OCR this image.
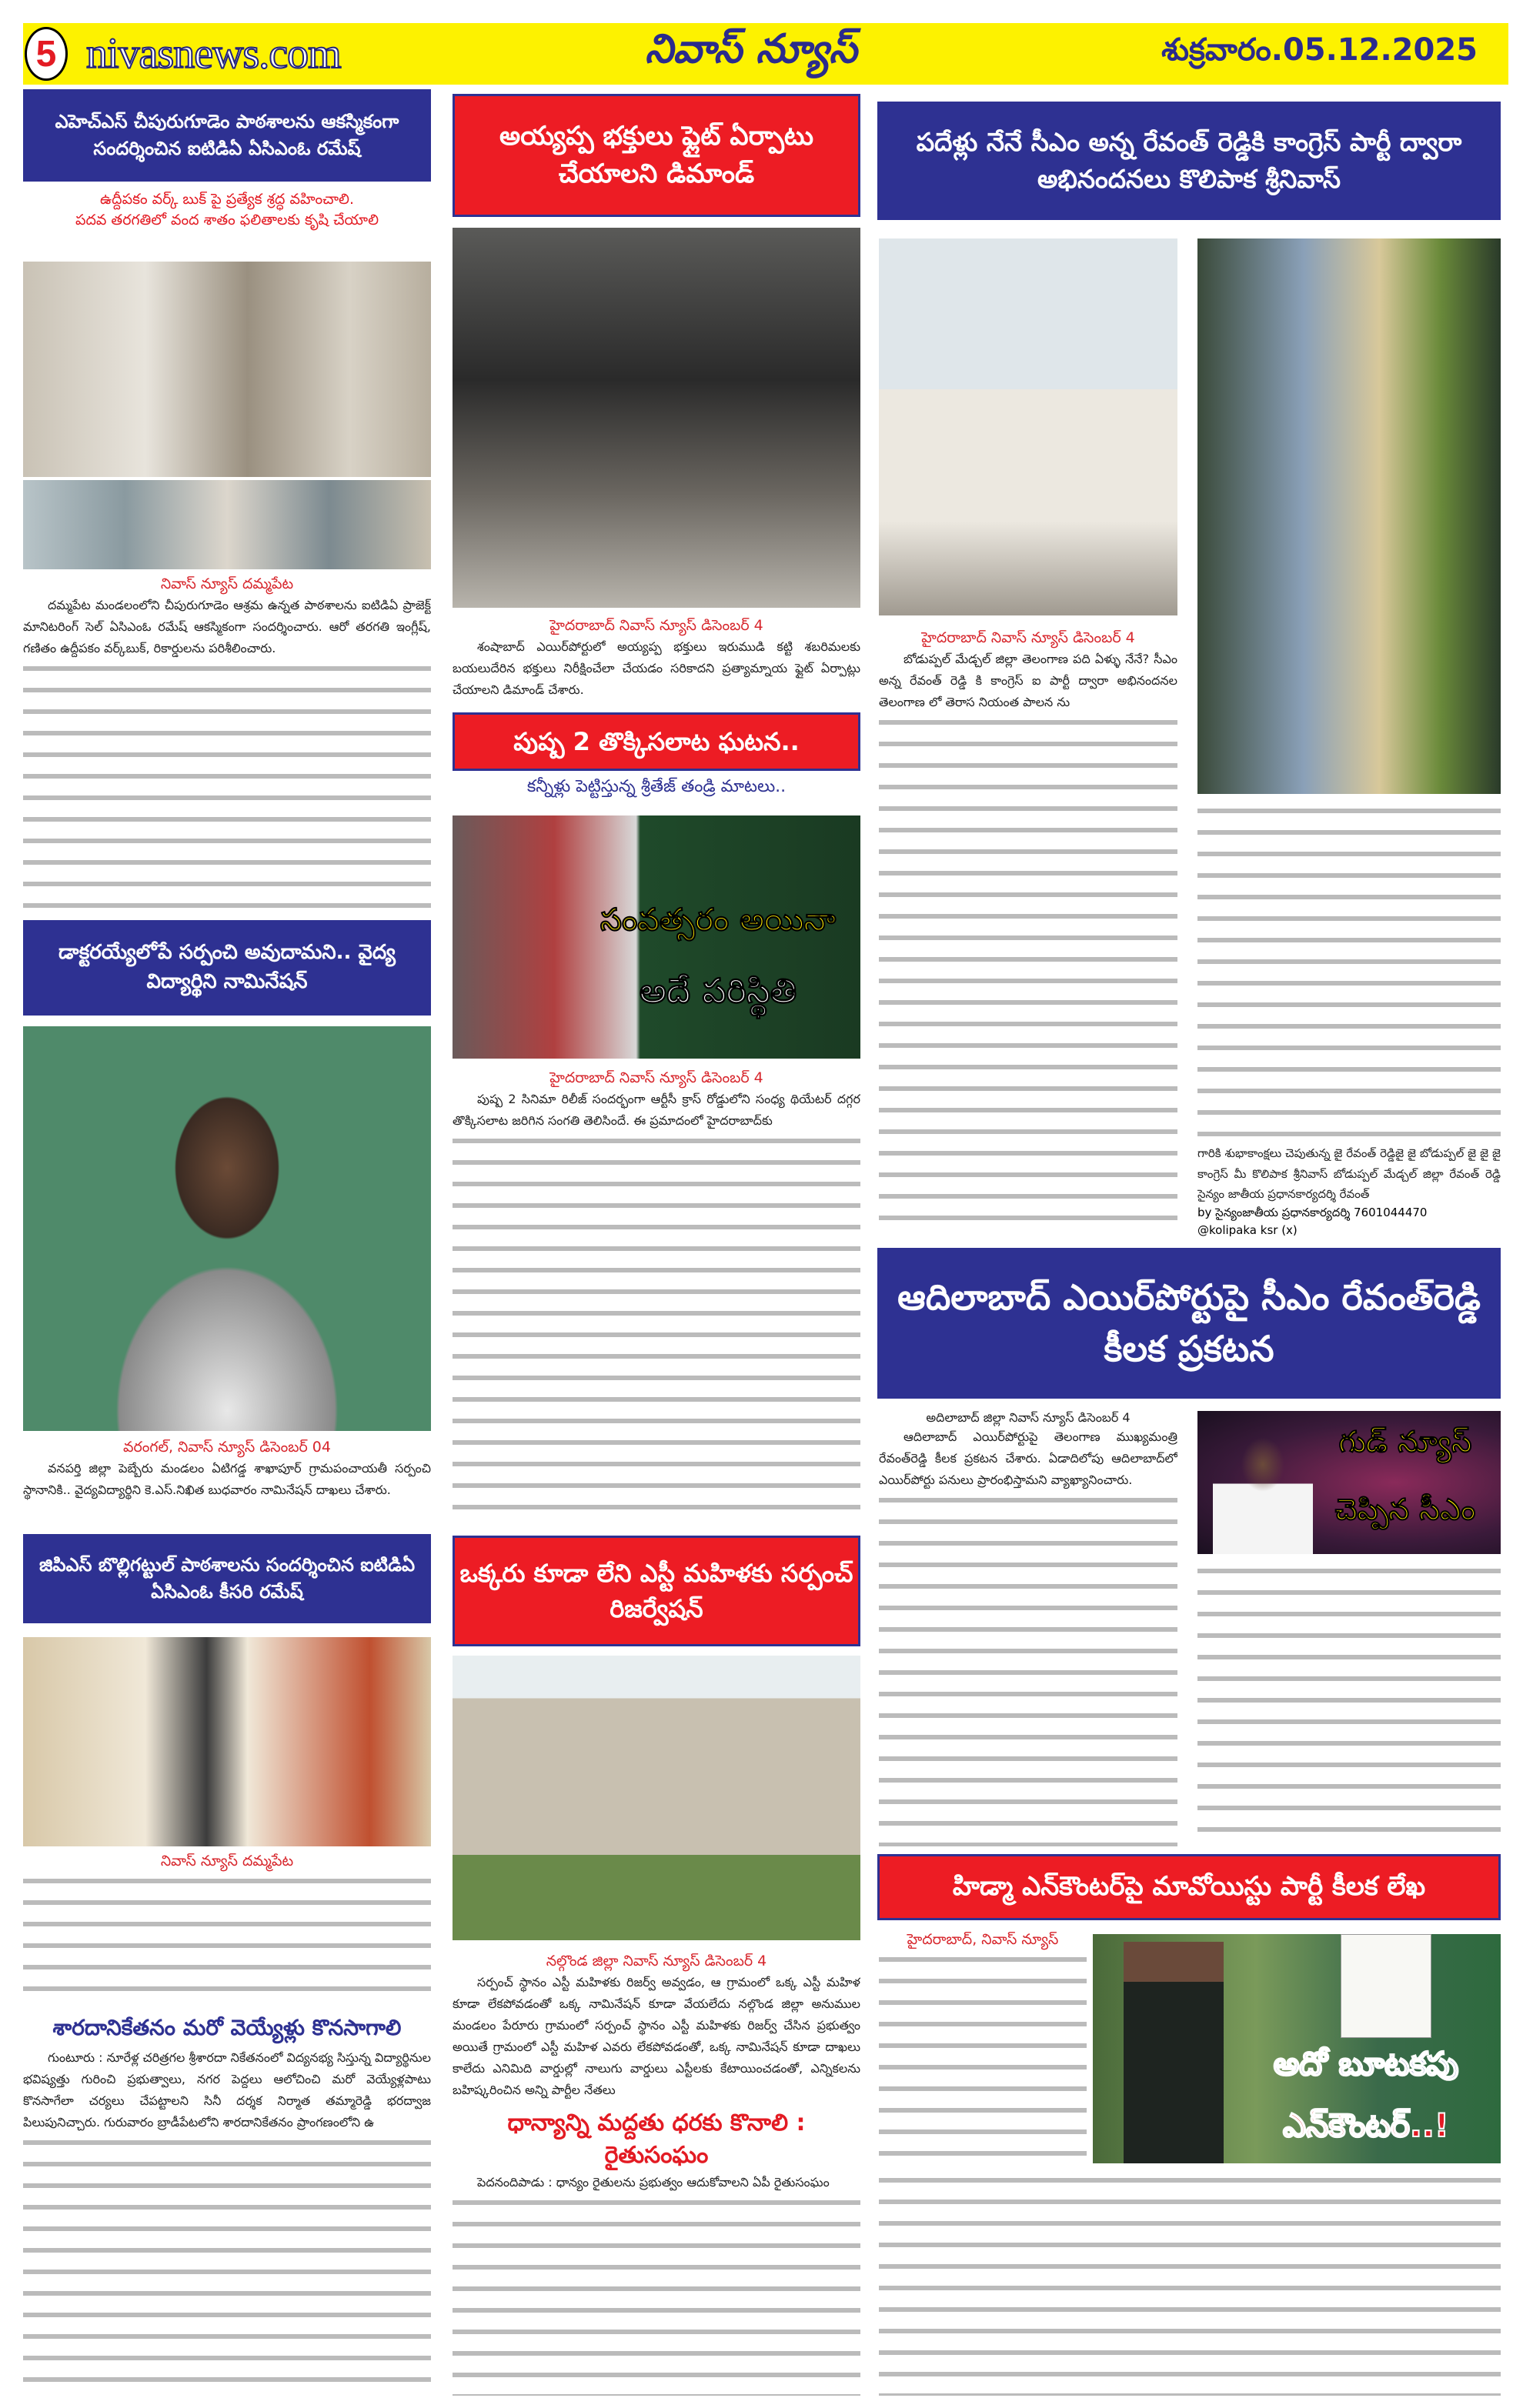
5 nivasnews.com	నివాస్ న్యూస్	శుక్రవారం.05.12.2025
ఎహెచ్ఎస్ చీపురుగూడెం పాఠశాలను ఆకస్మికంగా సందర్శించిన ఐటిడిఏ ఏసిఎంఓ రమేష్
ఉద్దీపకం వర్క్ బుక్ పై ప్రత్యేక శ్రద్ధ వహించాలి.
పదవ తరగతిలో వంద శాతం ఫలితాలకు కృషి చేయాలి
నివాస్ న్యూస్ దమ్మపేట
దమ్మపేట మండలంలోని చీపురుగూడెం ఆశ్రమ ఉన్నత పాఠశాలను ఐటిడిఏ ప్రాజెక్ట్ మానిటరింగ్ సెల్ ఏసిఎంఓ రమేష్ ఆకస్మికంగా సందర్శించారు. ఆరో తరగతి ఇంగ్లీష్, గణితం ఉద్దీపకం వర్క్‌బుక్, రికార్డులను పరిశీలించారు.
డాక్టరయ్యేలోపే సర్పంచి అవుదామని.. వైద్య విద్యార్థిని నామినేషన్
వరంగల్, నివాస్ న్యూస్ డిసెంబర్ 04
వనపర్తి జిల్లా పెబ్బేరు మండలం ఏటిగడ్డ శాఖాపూర్ గ్రామపంచాయతీ సర్పంచి స్థానానికి.. వైద్యవిద్యార్థిని కె.ఎస్.నిఖిత బుధవారం నామినేషన్ దాఖలు చేశారు.
జిపిఎస్ బొల్లిగట్టుల్ పాఠశాలను సందర్శించిన ఐటిడిఏ ఏసిఎంఓ కీసరి రమేష్
నివాస్ న్యూస్ దమ్మపేట
శారదానికేతనం మరో వెయ్యేళ్లు కొనసాగాలి
గుంటూరు : నూరేళ్ల చరిత్రగల శ్రీశారదా నికేతనంలో విద్యనభ్య సిస్తున్న విద్యార్థినుల భవిష్యత్తు గురించి ప్రభుత్వాలు, నగర పెద్దలు ఆలోచించి మరో వెయ్యేళ్లపాటు కొనసాగేలా చర్యలు చేపట్టాలని సినీ దర్శక నిర్మాత తమ్మారెడ్డి భరద్వాజ పిలుపునిచ్చారు. గురువారం బ్రాడీపేటలోని శారదానికేతనం ప్రాంగణంలోని ఉ
అయ్యప్ప భక్తులు ఫ్లైట్ ఏర్పాటు చేయాలని డిమాండ్
హైదరాబాద్ నివాస్ న్యూస్ డిసెంబర్ 4
శంషాబాద్ ఎయిర్‌పోర్టులో అయ్యప్ప భక్తులు ఇరుముడి కట్టి శబరిమలకు బయలుదేరిన భక్తులు నిరీక్షించేలా చేయడం సరికాదని ప్రత్యామ్నాయ ఫ్లైట్ ఏర్పాట్లు చేయాలని డిమాండ్ చేశారు.
పుష్ప 2 తొక్కిసలాట ఘటన..
కన్నీళ్లు పెట్టిస్తున్న శ్రీతేజ్ తండ్రి మాటలు..
సంవత్సరం అయినా
అదే పరిస్థితి
హైదరాబాద్ నివాస్ న్యూస్ డిసెంబర్ 4
పుష్ప 2 సినిమా రిలీజ్ సందర్భంగా ఆర్టీసీ క్రాస్ రోడ్డులోని సంధ్య థియేటర్ దగ్గర తొక్కిసలాట జరిగిన సంగతి తెలిసిందే. ఈ ప్రమాదంలో హైదరాబాద్‌కు
ఒక్కరు కూడా లేని ఎస్టీ మహిళకు సర్పంచ్ రిజర్వేషన్
నల్గొండ జిల్లా నివాస్ న్యూస్ డిసెంబర్ 4
సర్పంచ్ స్థానం ఎస్టీ మహిళకు రిజర్వ్ అవ్వడం, ఆ గ్రామంలో ఒక్క ఎస్టీ మహిళ కూడా లేకపోవడంతో ఒక్క నామినేషన్ కూడా వేయలేదు నల్గొండ జిల్లా అనుముల మండలం పేరూరు గ్రామంలో సర్పంచ్ స్థానం ఎస్టీ మహిళకు రిజర్వ్ చేసిన ప్రభుత్వం అయితే గ్రామంలో ఎస్టీ మహిళ ఎవరు లేకపోవడంతో, ఒక్క నామినేషన్ కూడా దాఖలు కాలేదు ఎనిమిది వార్డుల్లో నాలుగు వార్డులు ఎస్టీలకు కేటాయించడంతో, ఎన్నికలను బహిష్కరించిన అన్ని పార్టీల నేతలు
ధాన్యాన్ని మద్దతు ధరకు కొనాలి : రైతుసంఘం
పెదనందిపాడు : ధాన్యం రైతులను ప్రభుత్వం ఆదుకోవాలని ఏపీ రైతుసంఘం
పదేళ్లు నేనే సీఎం అన్న రేవంత్ రెడ్డికి కాంగ్రెస్ పార్టీ ద్వారా అభినందనలు కొలిపాక శ్రీనివాస్
హైదరాబాద్ నివాస్ న్యూస్ డిసెంబర్ 4
బోడుప్పల్ మేడ్చల్ జిల్లా తెలంగాణ పది ఏళ్ళు నేనే? సీఎం అన్న రేవంత్ రెడ్డి కి కాంగ్రెస్ ఐ పార్టీ ద్వారా అభినందనల తెలంగాణ లో తెరాస నియంత పాలన ను
గారికి శుభాకాంక్షలు చెపుతున్న జై రేవంత్ రెడ్డిజై జై బోడుప్పల్ జై జై జై కాంగ్రెస్ మీ కొలిపాక శ్రీనివాస్ బోడుప్పల్ మేడ్చల్ జిల్లా రేవంత్ రెడ్డి సైన్యం జాతీయ ప్రధానకార్యదర్శి రేవంత్
by సైన్యంజాతీయ ప్రధానకార్యదర్శి 7601044470
@kolipaka ksr (x)
ఆదిలాబాద్ ఎయిర్‌పోర్టుపై సీఎం రేవంత్‌రెడ్డి కీలక ప్రకటన
అదిలాబాద్ జిల్లా నివాస్ న్యూస్ డిసెంబర్ 4
ఆదిలాబాద్ ఎయిర్‌పోర్టుపై తెలంగాణ ముఖ్యమంత్రి రేవంత్‌రెడ్డి కీలక ప్రకటన చేశారు. ఏడాదిలోపు ఆదిలాబాద్‌లో ఎయిర్‌పోర్టు పనులు ప్రారంభిస్తామని వ్యాఖ్యానించారు.
గుడ్ న్యూస్
చెప్పిన సీఎం
హిడ్మా ఎన్‌కౌంటర్‌పై మావోయిస్టు పార్టీ కీలక లేఖ
హైదరాబాద్, నివాస్ న్యూస్
అదో బూటకపు
ఎన్‌కౌంటర్..!
